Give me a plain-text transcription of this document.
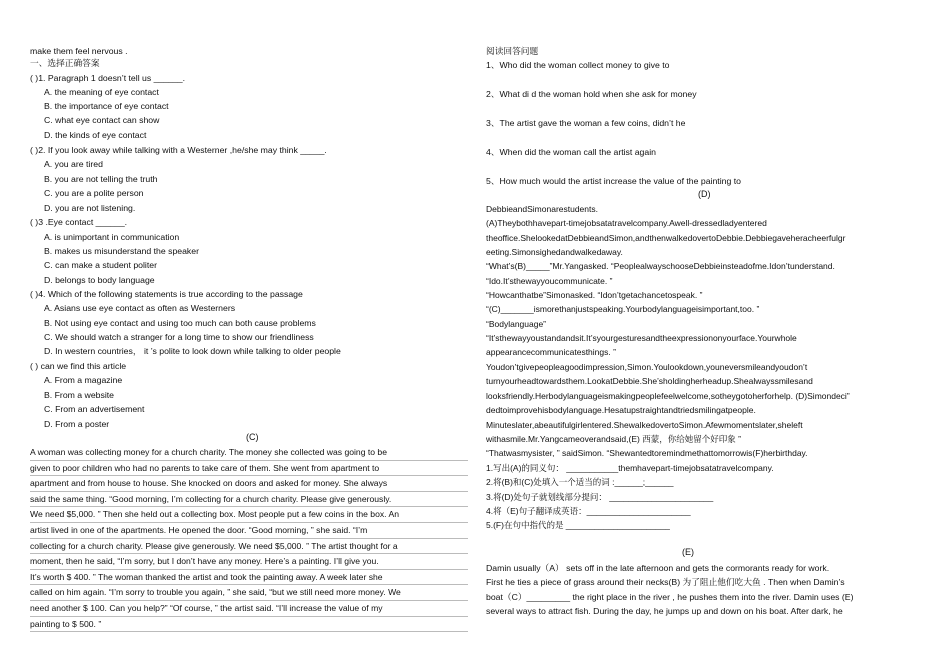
make them feel nervous .
一、选择正确答案
( )1. Paragraph 1 doesn’t tell us ______.
A. the meaning of eye contact
B. the importance of eye contact
C. what eye contact can show
D. the kinds of eye contact
( )2. If you look away while talking with a Westerner ,he/she may think _____.
A. you are tired
B. you are not telling the truth
C. you are a polite person
D. you are not listening.
( )3 .Eye contact ______.
A. is unimportant in communication
B. makes us misunderstand the speaker
C. can make a student politer
D. belongs to body language
( )4. Which of the following statements is true according to the passage
A. Asians use eye contact as often as Westerners
B. Not using eye contact and using too much can both cause problems
C. We should watch a stranger for a long time to show our friendliness
D. In western countries， it ’s polite to look down while talking to older people
( ) can we find this article
A. From a magazine
B. From a website
C. From an advertisement
D. From a poster
(C)
A woman was collecting money for a church charity. The money she collected was going to be
given to poor children who had no parents to take care of them. She went from apartment to
apartment and from house to house. She knocked on doors and asked for money. She always
said the same thing. “Good morning, I’m collecting for a church charity. Please give generously.
We need $5,000. ” Then she held out a collecting box. Most people put a few coins in the box. An
artist lived in one of the apartments. He opened the door. “Good morning, ” she said. “I’m
collecting for a church charity. Please give generously. We need $5,000. ” The artist thought for a
moment, then he said, “I’m sorry, but I don’t have any money. Here’s a painting. I’ll give you.
It’s worth $ 400. ” The woman thanked the artist and took the painting away. A week later she
called on him again. “I’m sorry to trouble you again, ” she said, “but we still need more money. We
need another $ 100. Can you help?” “Of course, ” the artist said. “I’ll increase the value of my
painting to $ 500. ”
阅读回答问题
1、Who did the woman collect money to give to
2、What di d the woman hold when she ask for money
3、The artist gave the woman a few coins, didn’t he
4、When did the woman call the artist again
5、How much would the artist increase the value of the painting to
(D)
DebbieandSimonarestudents.
(A)Theybothhavepart-timejobsatatravelcompany.Awell-dressedladyentered
theoffice.ShelookedatDebbieandSimon,andthenwalkedovertoDebbie.Debbiegaveheracheerfulgr
eeting.Simonsighedandwalkedaway.
“What’s(B)_____”Mr.Yangasked. “PeoplealwayschooseDebbieinsteadofme.Idon’tunderstand.
“Ido.It’sthewayyoucommunicate. ”
“Howcanthatbe”Simonasked. “Idon’tgetachancetospeak. ”
“(C)_______ismorethanjustspeaking.Yourbodylanguageisimportant,too. ”
“Bodylanguage”
“It’sthewayyoustandandsit.It’syourgesturesandtheexpressiononyourface.Yourwhole
appearancecommunicatesthings. ”
Youdon’tgivepeopleagoodimpression,Simon.Youlookdown,youneversmileandyoudon’t
turnyourheadtowardsthem.LookatDebbie.She’sholdingherheadup.Shealwayssmilesand
looksfriendly.Herbodylanguageismakingpeoplefeelwelcome,sotheygotoherforhelp. (D)Simondeci”
dedtoimprovehisbodylanguage.Hesatupstraightandtriedsmilingatpeople.
Minuteslater,abeautifulgirlentered.ShewalkedovertoSimon.Afewmomentslater,sheleft
withasmile.Mr.Yangcameoverandsaid,(E) 西蒙，你给她留个好印象 ”
“Thatwasmysister, ” saidSimon. “Shewantedtoremindmethattomorrowis(F)herbirthday.
1.写出(A)的同义句： ___________themhavepart-timejobsatatravelcompany.
2.将(B)和(C)处填入一个适当的词 :______;______
3.将(D)处句子就划线部分提问： ______________________
4.将（E)句子翻译成英语：______________________
5.(F)在句中指代的是 ______________________
(E)
Damin usually（A） sets off in the late afternoon and gets the cormorants ready for work.
First he ties a piece of grass around their necks(B) 为了阻止他们吃大鱼 . Then when Damin’s
boat（C）_________ the right place in the river , he pushes them into the river. Damin uses (E)
several ways to attract fish. During the day, he jumps up and down on his boat. After dark, he
